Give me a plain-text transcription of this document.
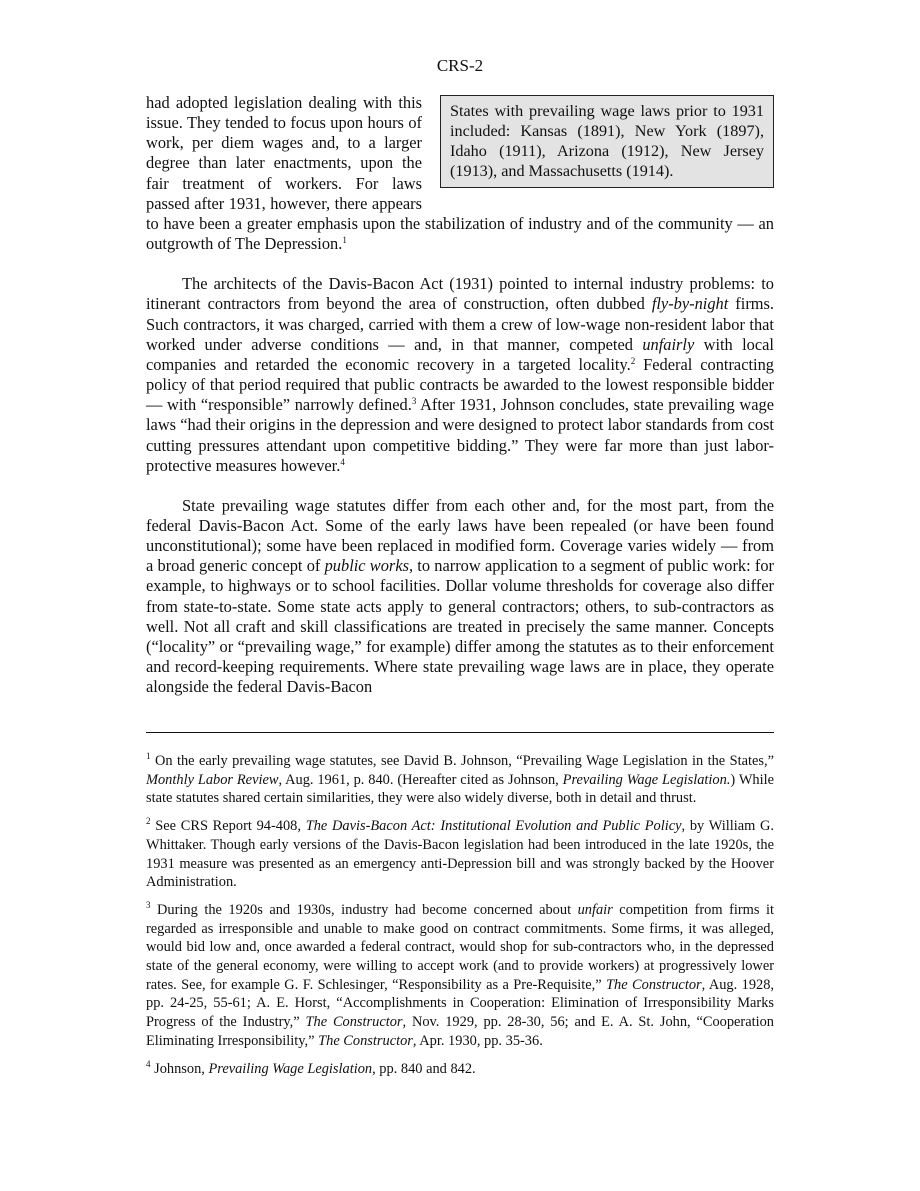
CRS-2

States with prevailing wage laws prior to 1931 included: Kansas (1891), New York (1897), Idaho (1911), Arizona (1912), New Jersey (1913), and Massachusetts (1914).
had adopted legislation dealing with this issue. They tended to focus upon hours of work, per diem wages and, to a larger degree than later enactments, upon the fair treatment of workers. For laws passed after 1931, however, there appears to have been a greater emphasis upon the stabilization of industry and of the community — an outgrowth of The Depression.$^1$

The architects of the Davis-Bacon Act (1931) pointed to internal industry problems: to itinerant contractors from beyond the area of construction, often dubbed fly-by-night firms. Such contractors, it was charged, carried with them a crew of low-wage non-resident labor that worked under adverse conditions — and, in that manner, competed unfairly with local companies and retarded the economic recovery in a targeted locality.$^2$ Federal contracting policy of that period required that public contracts be awarded to the lowest responsible bidder — with “responsible” narrowly defined.$^3$ After 1931, Johnson concludes, state prevailing wage laws “had their origins in the depression and were designed to protect labor standards from cost cutting pressures attendant upon competitive bidding.” They were far more than just labor-protective measures however.$^4$

State prevailing wage statutes differ from each other and, for the most part, from the federal Davis-Bacon Act. Some of the early laws have been repealed (or have been found unconstitutional); some have been replaced in modified form. Coverage varies widely — from a broad generic concept of public works, to narrow application to a segment of public work: for example, to highways or to school facilities. Dollar volume thresholds for coverage also differ from state-to-state. Some state acts apply to general contractors; others, to sub-contractors as well. Not all craft and skill classifications are treated in precisely the same manner. Concepts (“locality” or “prevailing wage,” for example) differ among the statutes as to their enforcement and record-keeping requirements. Where state prevailing wage laws are in place, they operate alongside the federal Davis-Bacon

$^1$ On the early prevailing wage statutes, see David B. Johnson, “Prevailing Wage Legislation in the States,” Monthly Labor Review, Aug. 1961, p. 840. (Hereafter cited as Johnson, Prevailing Wage Legislation.) While state statutes shared certain similarities, they were also widely diverse, both in detail and thrust.

$^2$ See CRS Report 94-408, The Davis-Bacon Act: Institutional Evolution and Public Policy, by William G. Whittaker. Though early versions of the Davis-Bacon legislation had been introduced in the late 1920s, the 1931 measure was presented as an emergency anti-Depression bill and was strongly backed by the Hoover Administration.

$^3$ During the 1920s and 1930s, industry had become concerned about unfair competition from firms it regarded as irresponsible and unable to make good on contract commitments. Some firms, it was alleged, would bid low and, once awarded a federal contract, would shop for sub-contractors who, in the depressed state of the general economy, were willing to accept work (and to provide workers) at progressively lower rates. See, for example G. F. Schlesinger, “Responsibility as a Pre-Requisite,” The Constructor, Aug. 1928, pp. 24-25, 55-61; A. E. Horst, “Accomplishments in Cooperation: Elimination of Irresponsibility Marks Progress of the Industry,” The Constructor, Nov. 1929, pp. 28-30, 56; and E. A. St. John, “Cooperation Eliminating Irresponsibility,” The Constructor, Apr. 1930, pp. 35-36.

$^4$ Johnson, Prevailing Wage Legislation, pp. 840 and 842.
